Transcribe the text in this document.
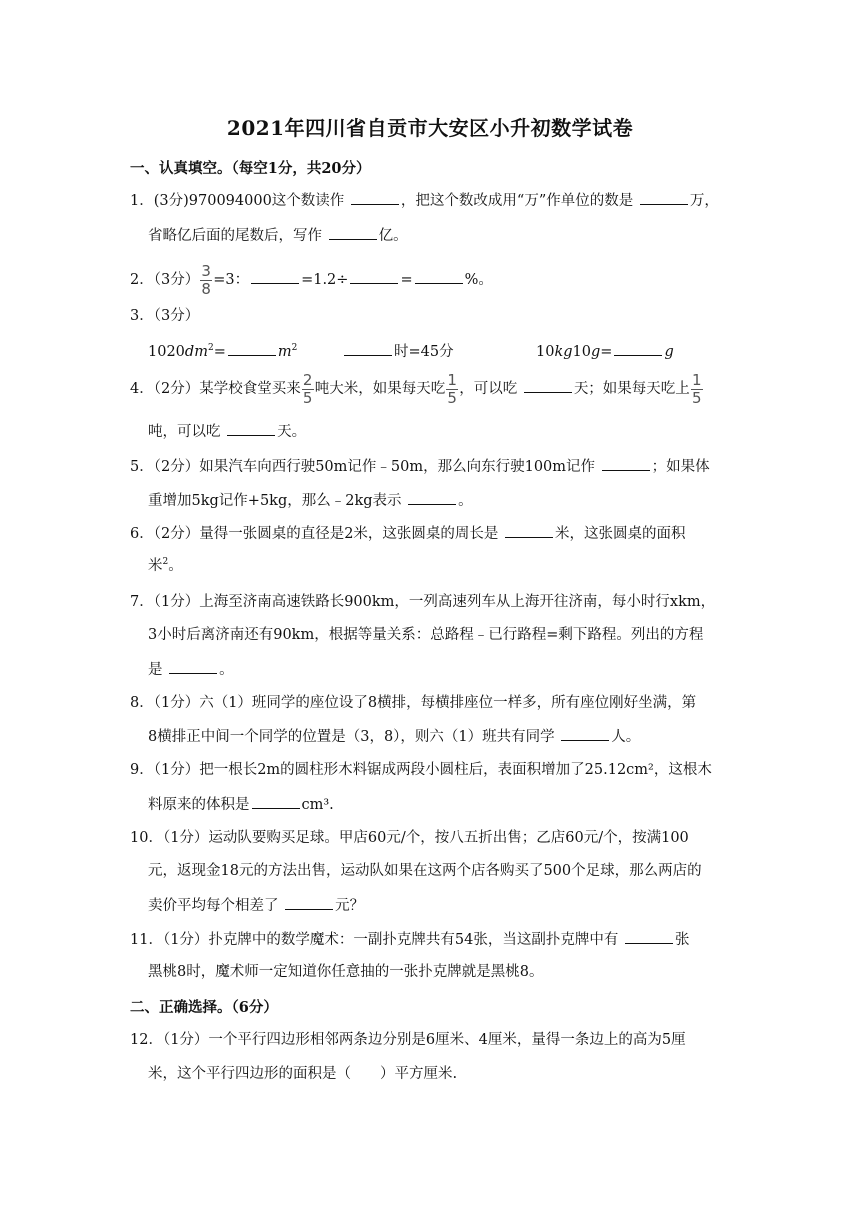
2021年四川省自贡市大安区小升初数学试卷
一、认真填空。（每空1分，共20分）
1．(3分)970094000这个数读作	，把这个数改成用“万”作单位的数是	万，
省略亿后面的尾数后，写作	亿。
2．（3分） $\frac{3}{8} =3$：	=1.2÷	=	%。
3．（3分）
$1020dm^2=$	$m^2$	时=45分	10kg10g=	g
4．（2分）某学校食堂买来 $\frac{2}{5}$ 吨大米，如果每天吃 $\frac{1}{5}$ ，可以吃	天；如果每天吃上 $\frac{1}{5}$
吨，可以吃	天。
5．（2分）如果汽车向西行驶50m记作﹣50m，那么向东行驶100m记作	；如果体
重增加5kg记作+5kg，那么﹣2kg表示	。
6．（2分）量得一张圆桌的直径是2米，这张圆桌的周长是	米，这张圆桌的面积
米$^2$。
7．（1分）上海至济南高速铁路长900km，一列高速列车从上海开往济南，每小时行xkm，
3小时后离济南还有90km，根据等量关系：总路程﹣已行路程=剩下路程。列出的方程
是	。
8．（1分）六（1）班同学的座位设了8横排，每横排座位一样多，所有座位刚好坐满，第
8横排正中间一个同学的位置是（3，8），则六（1）班共有同学	人。
9．（1分）把一根长2m的圆柱形木料锯成两段小圆柱后，表面积增加了25.12cm²，这根木
料原来的体积是	cm³.
10．（1分）运动队要购买足球。甲店60元/个，按八五折出售；乙店60元/个，按满100
元，返现金18元的方法出售，运动队如果在这两个店各购买了500个足球，那么两店的
卖价平均每个相差了	元？
11．（1分）扑克牌中的数学魔术：一副扑克牌共有54张，当这副扑克牌中有	张
黑桃8时，魔术师一定知道你任意抽的一张扑克牌就是黑桃8。
二、正确选择。（6分）
12．（1分）一个平行四边形相邻两条边分别是6厘米、4厘米，量得一条边上的高为5厘
米，这个平行四边形的面积是（　　）平方厘米.
